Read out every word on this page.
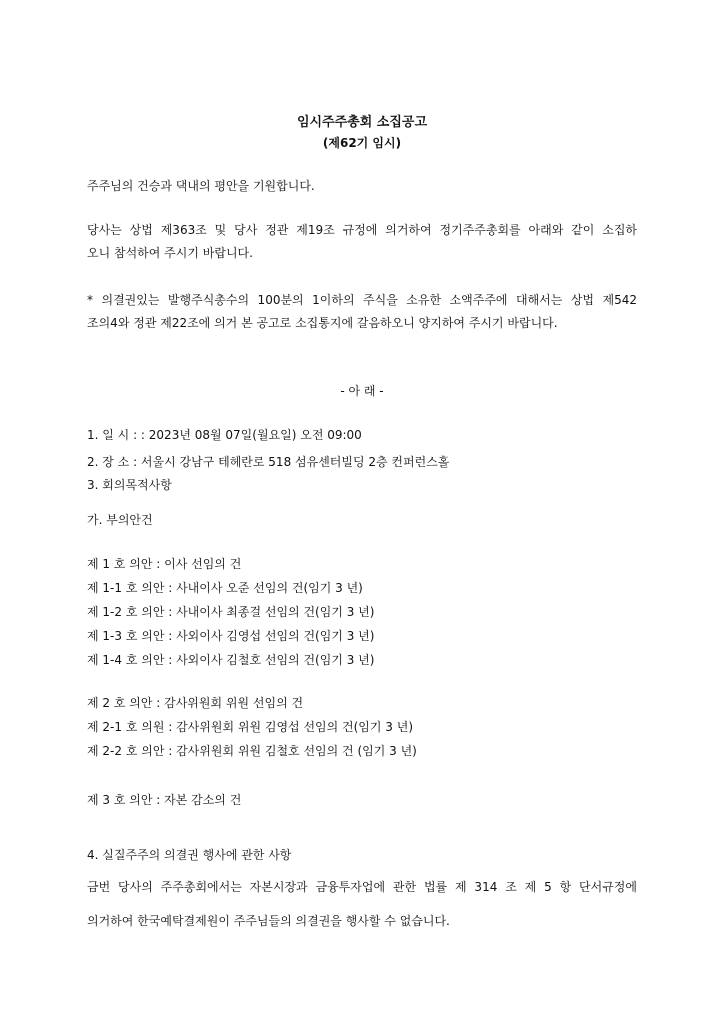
임시주주총회 소집공고
(제62기 임시)
주주님의 건승과 댁내의 평안을 기원합니다.
당사는 상법 제363조 및 당사 정관 제19조 규정에 의거하여 정기주주총회를 아래와 같이 소집하
오니 참석하여 주시기 바랍니다.
* 의결권있는 발행주식총수의 100분의 1이하의 주식을 소유한 소액주주에 대해서는 상법 제542
조의4와 정관 제22조에 의거 본 공고로 소집통지에 갈음하오니 양지하여 주시기 바랍니다.
- 아 래 -
1. 일 시 : : 2023년 08월 07일(월요일) 오전 09:00
2. 장 소 : 서울시 강남구 테헤란로 518 섬유센터빌딩 2층 컨퍼런스홀
3. 회의목적사항
가. 부의안건
제 1 호 의안 : 이사 선임의 건
제 1-1 호 의안 : 사내이사 오준 선임의 건(임기 3 년)
제 1-2 호 의안 : 사내이사 최종걸 선임의 건(임기 3 년)
제 1-3 호 의안 : 사외이사 김영섭 선임의 건(임기 3 년)
제 1-4 호 의안 : 사외이사 김철호 선임의 건(임기 3 년)
제 2 호 의안 : 감사위원회 위원 선임의 건
제 2-1 호 의원 : 감사위원회 위원 김영섭 선임의 건(임기 3 년)
제 2-2 호 의안 : 감사위원회 위원 김철호 선임의 건 (임기 3 년)
제 3 호 의안 : 자본 감소의 건
4. 실질주주의 의결권 행사에 관한 사항
금번 당사의 주주총회에서는 자본시장과 금융투자업에 관한 법률 제 314 조 제 5 항 단서규정에
의거하여 한국예탁결제원이 주주님들의 의결권을 행사할 수 없습니다.
